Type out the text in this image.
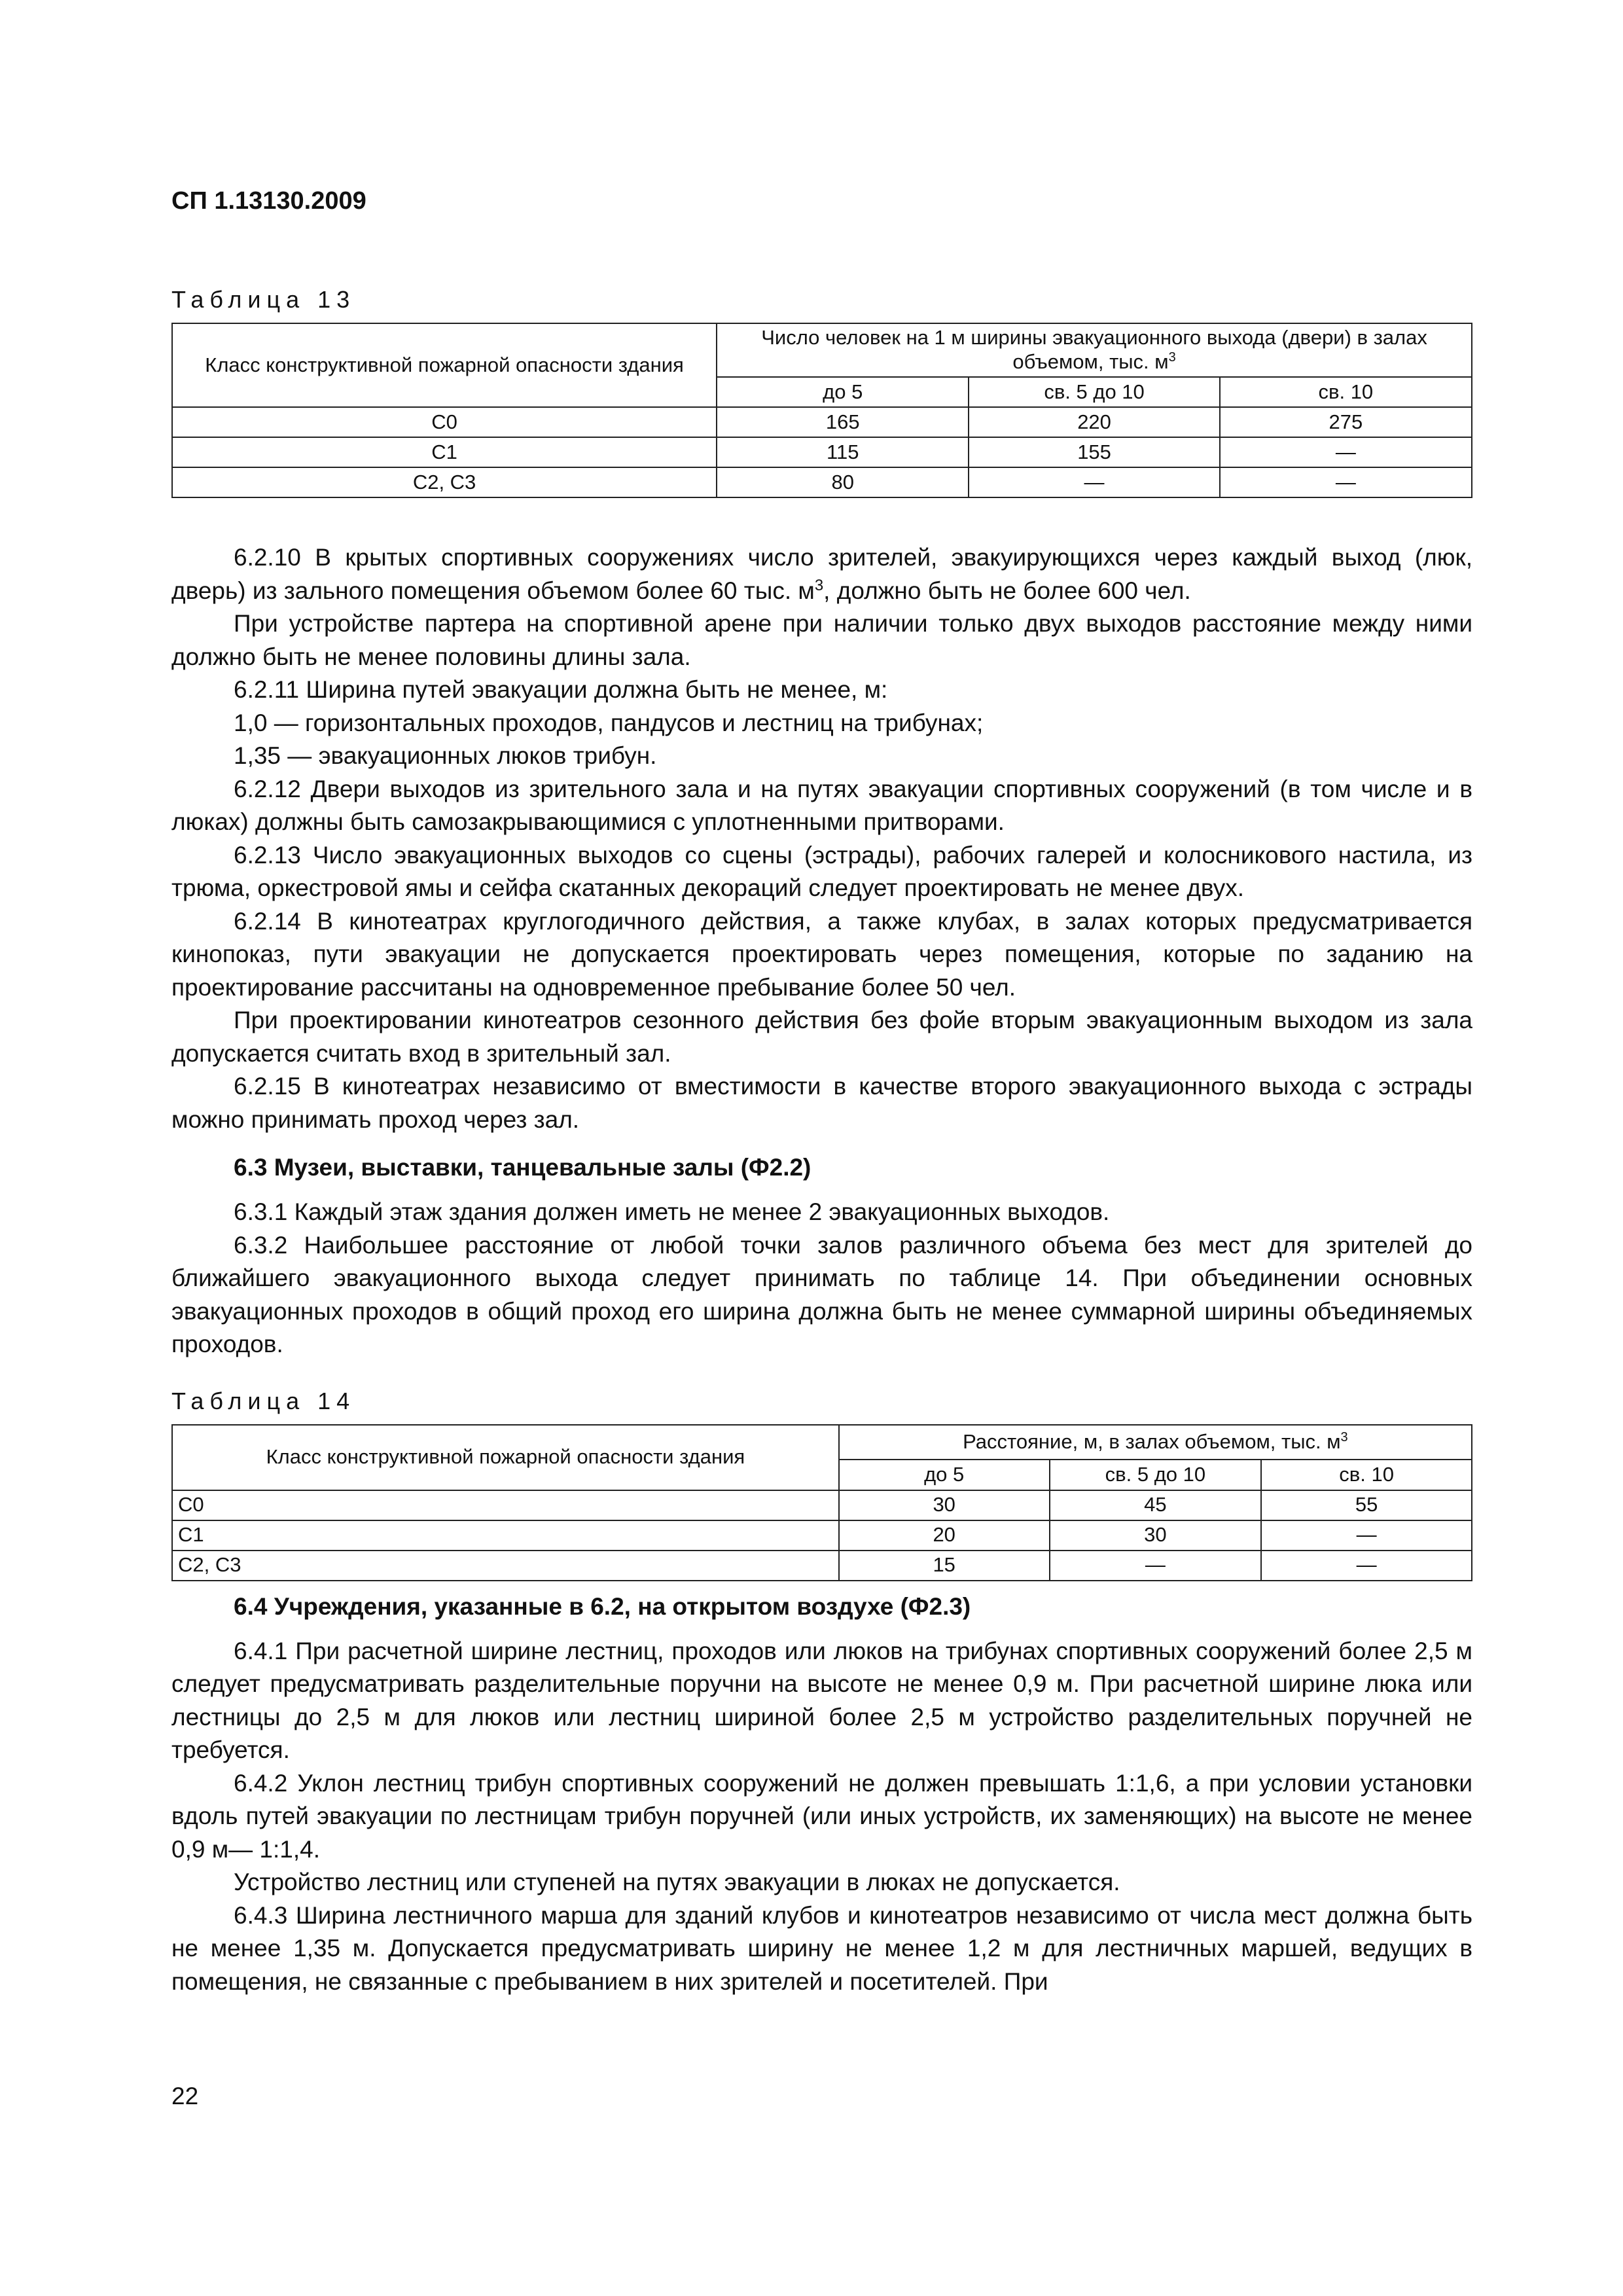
СП 1.13130.2009
Таблица 13
Класс конструктивной пожарной опасности здания	Число человек на 1 м ширины эвакуационного выхода (двери) в залах объемом, тыс. $м^3$
	до 5	св. 5 до 10	св. 10
С0	165	220	275
С1	115	155	—
С2, С3	80	—	—

6.2.10 В крытых спортивных сооружениях число зрителей, эвакуирующихся через каждый выход (люк, дверь) из зального помещения объемом более 60 тыс. $м^3$, должно быть не более 600 чел.

При устройстве партера на спортивной арене при наличии только двух выходов расстояние между ними должно быть не менее половины длины зала.

6.2.11 Ширина путей эвакуации должна быть не менее, м:

1,0 — горизонтальных проходов, пандусов и лестниц на трибунах;

1,35 — эвакуационных люков трибун.

6.2.12 Двери выходов из зрительного зала и на путях эвакуации спортивных сооружений (в том числе и в люках) должны быть самозакрывающимися с уплотненными притворами.

6.2.13 Число эвакуационных выходов со сцены (эстрады), рабочих галерей и колосникового настила, из трюма, оркестровой ямы и сейфа скатанных декораций следует проектировать не менее двух.

6.2.14 В кинотеатрах круглогодичного действия, а также клубах, в залах которых предусматривается кинопоказ, пути эвакуации не допускается проектировать через помещения, которые по заданию на проектирование рассчитаны на одновременное пребывание более 50 чел.

При проектировании кинотеатров сезонного действия без фойе вторым эвакуационным выходом из зала допускается считать вход в зрительный зал.

6.2.15 В кинотеатрах независимо от вместимости в качестве второго эвакуационного выхода с эстрады можно принимать проход через зал.

6.3 Музеи, выставки, танцевальные залы (Ф2.2)

6.3.1 Каждый этаж здания должен иметь не менее 2 эвакуационных выходов.

6.3.2 Наибольшее расстояние от любой точки залов различного объема без мест для зрителей до ближайшего эвакуационного выхода следует принимать по таблице 14. При объединении основных эвакуационных проходов в общий проход его ширина должна быть не менее суммарной ширины объединяемых проходов.

Таблица 14
Класс конструктивной пожарной опасности здания	Расстояние, м, в залах объемом, тыс. $м^3$
	до 5	св. 5 до 10	св. 10
С0	30	45	55
С1	20	30	—
С2, С3	15	—	—
6.4 Учреждения, указанные в 6.2, на открытом воздухе (Ф2.3)

6.4.1 При расчетной ширине лестниц, проходов или люков на трибунах спортивных сооружений более 2,5 м следует предусматривать разделительные поручни на высоте не менее 0,9 м. При расчетной ширине люка или лестницы до 2,5 м для люков или лестниц шириной более 2,5 м устройство разделительных поручней не требуется.

6.4.2 Уклон лестниц трибун спортивных сооружений не должен превышать 1:1,6, а при условии установки вдоль путей эвакуации по лестницам трибун поручней (или иных устройств, их заменяющих) на высоте не менее 0,9 м— 1:1,4.

Устройство лестниц или ступеней на путях эвакуации в люках не допускается.

6.4.3 Ширина лестничного марша для зданий клубов и кинотеатров независимо от числа мест должна быть не менее 1,35 м. Допускается предусматривать ширину не менее 1,2 м для лестничных маршей, ведущих в помещения, не связанные с пребыванием в них зрителей и посетителей. При

22
